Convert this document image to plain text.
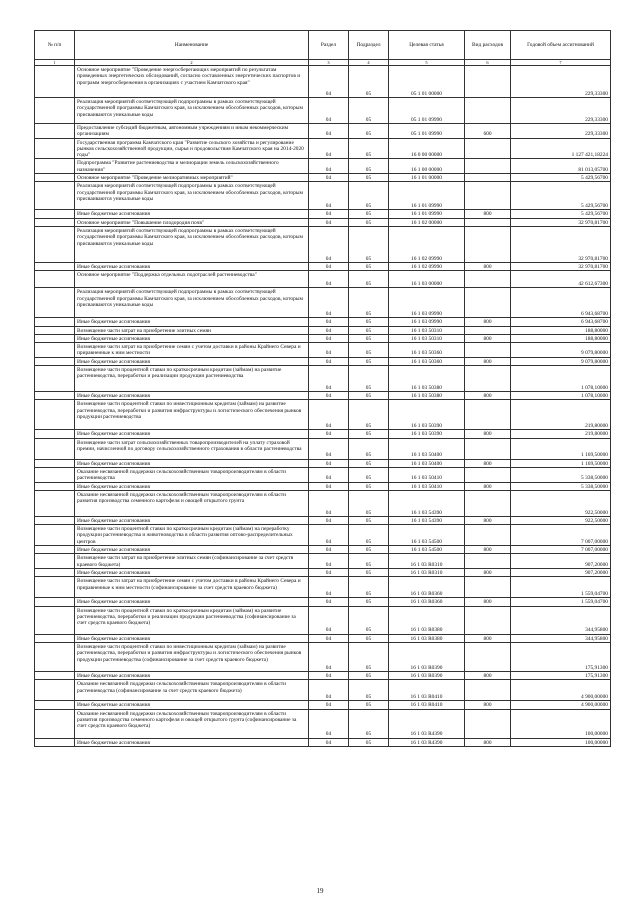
№ п/п	Наименование	Раздел	Подраздел	Целевая статья	Вид расходов	Годовой объем ассигнований
1	2	3	4	5	6	7
	Основное мероприятие "Проведение энергосберегающих мероприятий по результатам проведенных энергетических обследований, согласно составленных энергетических паспортов и программ энергосбережения в организациях с участием Камчатского края"	04	05	05 1 01 00000		229,33300
	Реализация мероприятий соответствующей подпрограммы в рамках соответствующей государственной программы Камчатского края, за исключением обособленных расходов, которым присваиваются уникальные коды	04	05	05 1 01 09990		229,33300
	Предоставление субсидий бюджетным, автономным учреждениям и иным некоммерческим организациям	04	05	05 1 01 09990	600	229,33300
	Государственная программа Камчатского края "Развитие сельского хозяйства и регулирование рынков сельскохозяйственной продукции, сырья и продовольствия Камчатского края на 2014-2020 годы"	04	05	16 0 00 00000		1 127 421,18224
	Подпрограмма "Развитие растениеводства и мелиорации земель сельскохозяйственного назначения"	04	05	16 1 00 00000		81 013,05700
	Основное мероприятие "Проведение мелиоративных мероприятий"	04	05	16 1 01 00000		5 429,56700
	Реализация мероприятий соответствующей подпрограммы в рамках соответствующей государственной программы Камчатского края, за исключением обособленных расходов, которым присваиваются уникальные коды	04	05	16 1 01 09990		5 429,56700
	Иные бюджетные ассигнования	04	05	16 1 01 09990	800	5 429,56700
	Основное мероприятие "Повышение плодородия почв"	04	05	16 1 02 00000		32 970,81700
	Реализация мероприятий соответствующей подпрограммы в рамках соответствующей государственной программы Камчатского края, за исключением обособленных расходов, которым присваиваются уникальные коды	04	05	16 1 02 09990		32 970,81700
	Иные бюджетные ассигнования	04	05	16 1 02 09990	800	32 970,81700
	Основное мероприятие "Поддержка отдельных подотраслей растениеводства"	04	05	16 1 03 00000		42 612,67300
	Реализация мероприятий соответствующей подпрограммы в рамках соответствующей государственной программы Камчатского края, за исключением обособленных расходов, которым присваиваются уникальные коды	04	05	16 1 03 09990		6 943,68700
	Иные бюджетные ассигнования	04	05	16 1 03 09990	800	6 943,68700
	Возмещение части затрат на приобретение элитных семян	04	05	16 1 03 50310		188,80000
	Иные бюджетные ассигнования	04	05	16 1 03 50310	800	188,80000
	Возмещение части затрат на приобретение семян с учетом доставки в районы Крайнего Севера и приравненные к ним местности	04	05	16 1 03 50360		9 079,80000
	Иные бюджетные ассигнования	04	05	16 1 03 50360	800	9 079,80000
	Возмещение части процентной ставки по краткосрочным кредитам (займам) на развитие растениеводства, переработки и реализации продукции растениеводства	04	05	16 1 03 50380		1 078,10000
	Иные бюджетные ассигнования	04	05	16 1 03 50380	800	1 078,10000
	Возмещение части процентной ставки по инвестиционным кредитам (займам) на развитие растениеводства, переработки и развития инфраструктуры и логистического обеспечения рынков продукции растениеводства	04	05	16 1 03 50390		219,80000
	Иные бюджетные ассигнования	04	05	16 1 03 50390	800	219,80000
	Возмещение части затрат сельскохозяйственных товаропроизводителей на уплату страховой премии, начисленной по договору сельскохозяйственного страхования в области растениеводства	04	05	16 1 03 50400		1 169,50000
	Иные бюджетные ассигнования	04	05	16 1 03 50400	800	1 169,50000
	Оказание несвязанной поддержки сельскохозяйственным товаропроизводителям в области растениеводства	04	05	16 1 03 50410		5 338,50000
	Иные бюджетные ассигнования	04	05	16 1 03 50410	800	5 338,50000
	Оказание несвязанной поддержки сельскохозяйственным товаропроизводителям в области развития производства семенного картофеля и овощей открытого грунта	04	05	16 1 03 54390		922,50000
	Иные бюджетные ассигнования	04	05	16 1 03 54390	800	922,50000
	Возмещение части процентной ставки по краткосрочным кредитам (займам) на переработку продукции растениеводства и животноводства в области развития оптово-распределительных центров	04	05	16 1 03 54500		7 007,00000
	Иные бюджетные ассигнования	04	05	16 1 03 54500	800	7 007,00000
	Возмещение части затрат на приобретение элитных семян (софинансирование за счет средств краевого бюджета)	04	05	16 1 03 R0310		907,20000
	Иные бюджетные ассигнования	04	05	16 1 03 R0310	800	907,20000
	Возмещение части затрат на приобретение семян с учетом доставки в районы Крайнего Севера и приравненные к ним местности (софинансирование за счет средств краевого бюджета)	04	05	16 1 03 R0360		1 559,04700
	Иные бюджетные ассигнования	04	05	16 1 03 R0360	800	1 559,04700
	Возмещение части процентной ставки по краткосрочным кредитам (займам) на развитие растениеводства, переработки и реализации продукции растениеводства (софинансирование за счет средств краевого бюджета)	04	05	16 1 03 R0380		344,95800
	Иные бюджетные ассигнования	04	05	16 1 03 R0380	800	344,95800
	Возмещение части процентной ставки по инвестиционным кредитам (займам) на развитие растениеводства, переработки и развития инфраструктуры и логистического обеспечения рынков продукции растениеводства (софинансирование за счет средств краевого бюджета)	04	05	16 1 03 R0390		175,91300
	Иные бюджетные ассигнования	04	05	16 1 03 R0390	800	175,91300
	Оказание несвязанной поддержки сельскохозяйственным товаропроизводителям в области растениеводства (софинансирование за счет средств краевого бюджета)	04	05	16 1 03 R0410		4 900,00000
	Иные бюджетные ассигнования	04	05	16 1 03 R0410	800	4 900,00000
	Оказание несвязанной поддержки сельскохозяйственным товаропроизводителям в области развития производства семенного картофеля и овощей открытого грунта (софинансирование за счет средств краевого бюджета)	04	05	16 1 03 R4390		100,00000
	Иные бюджетные ассигнования	04	05	16 1 03 R4390	800	100,00000
19
